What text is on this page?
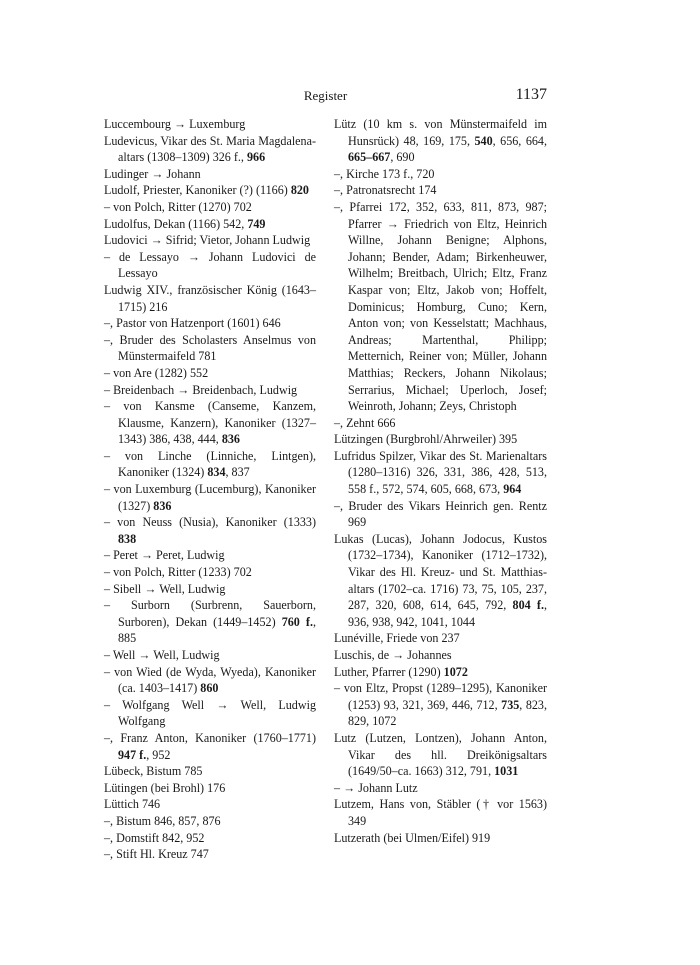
Register	1137

Luccembourg → Luxemburg

Ludevicus, Vikar des St. Maria Magdalenaaltars (1308–1309) 326 f., 966

Ludinger → Johann

Ludolf, Priester, Kanoniker (?) (1166) 820

– von Polch, Ritter (1270) 702

Ludolfus, Dekan (1166) 542, 749

Ludovici → Sifrid; Vietor, Johann Ludwig

– de Lessayo → Johann Ludovici de Lessayo

Ludwig XIV., französischer König (1643–1715) 216

–, Pastor von Hatzenport (1601) 646

–, Bruder des Scholasters Anselmus von Münstermaifeld 781

– von Are (1282) 552

– Breidenbach → Breidenbach, Ludwig

– von Kansme (Canseme, Kanzem, Klausme, Kanzern), Kanoniker (1327–1343) 386, 438, 444, 836

– von Linche (Linniche, Lintgen), Kanoniker (1324) 834, 837

– von Luxemburg (Lucemburg), Kanoniker (1327) 836

– von Neuss (Nusia), Kanoniker (1333) 838

– Peret → Peret, Ludwig

– von Polch, Ritter (1233) 702

– Sibell → Well, Ludwig

– Surborn (Surbrenn, Sauerborn, Surboren), Dekan (1449–1452) 760 f., 885

– Well → Well, Ludwig

– von Wied (de Wyda, Wyeda), Kanoniker (ca. 1403–1417) 860

– Wolfgang Well → Well, Ludwig Wolfgang

–, Franz Anton, Kanoniker (1760–1771) 947 f., 952

Lübeck, Bistum 785

Lütingen (bei Brohl) 176

Lüttich 746

–, Bistum 846, 857, 876

–, Domstift 842, 952

–, Stift Hl. Kreuz 747

Lütz (10 km s. von Münstermaifeld im Hunsrück) 48, 169, 175, 540, 656, 664, 665–667, 690

–, Kirche 173 f., 720

–, Patronatsrecht 174

–, Pfarrei 172, 352, 633, 811, 873, 987; Pfarrer → Friedrich von Eltz, Heinrich Willne, Johann Benigne; Alphons, Johann; Bender, Adam; Birkenheuwer, Wilhelm; Breitbach, Ulrich; Eltz, Franz Kaspar von; Eltz, Jakob von; Hoffelt, Dominicus; Homburg, Cuno; Kern, Anton von; von Kesselstatt; Machhaus, Andreas; Martenthal, Philipp; Metternich, Reiner von; Müller, Johann Matthias; Reckers, Johann Nikolaus; Serrarius, Michael; Uperloch, Josef; Weinroth, Johann; Zeys, Christoph

–, Zehnt 666

Lützingen (Burgbrohl/Ahrweiler) 395

Lufridus Spilzer, Vikar des St. Marienaltars (1280–1316) 326, 331, 386, 428, 513, 558 f., 572, 574, 605, 668, 673, 964

–, Bruder des Vikars Heinrich gen. Rentz 969

Lukas (Lucas), Johann Jodocus, Kustos (1732–1734), Kanoniker (1712–1732), Vikar des Hl. Kreuz- und St. Matthiasaltars (1702–ca. 1716) 73, 75, 105, 237, 287, 320, 608, 614, 645, 792, 804 f., 936, 938, 942, 1041, 1044

Lunéville, Friede von 237

Luschis, de → Johannes

Luther, Pfarrer (1290) 1072

– von Eltz, Propst (1289–1295), Kanoniker (1253) 93, 321, 369, 446, 712, 735, 823, 829, 1072

Lutz (Lutzen, Lontzen), Johann Anton, Vikar des hll. Dreikönigsaltars (1649/50–ca. 1663) 312, 791, 1031

– → Johann Lutz

Lutzem, Hans von, Stäbler († vor 1563) 349

Lutzerath (bei Ulmen/Eifel) 919
